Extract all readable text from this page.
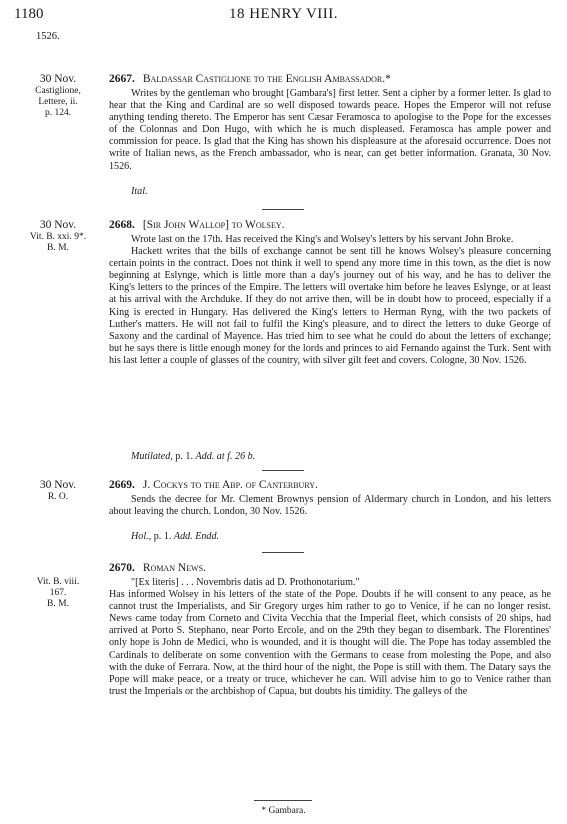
1180	18 HENRY VIII.
1526.
30 Nov.
Castiglione,
Lettere, ii.
p. 124.
2667. Baldassar Castiglione to the English Ambassador.*

Writes by the gentleman who brought [Gambara's] first letter. Sent a cipher by a former letter. Is glad to hear that the King and Cardinal are so well disposed towards peace. Hopes the Emperor will not refuse anything tending thereto. The Emperor has sent Cæsar Feramosca to apologise to the Pope for the excesses of the Colonnas and Don Hugo, with which he is much displeased. Feramosca has ample power and commission for peace. Is glad that the King has shown his displeasure at the aforesaid occurrence. Does not write of Italian news, as the French ambassador, who is near, can get better information. Granata, 30 Nov. 1526.

Ital.
30 Nov.
Vit. B. xxi. 9*.
B. M.
2668. [Sir John Wallop] to Wolsey.

Wrote last on the 17th. Has received the King's and Wolsey's letters by his servant John Broke.

Hackett writes that the bills of exchange cannot be sent till he knows Wolsey's pleasure concerning certain points in the contract. Does not think it well to spend any more time in this town, as the diet is now beginning at Eslynge, which is little more than a day's journey out of his way, and he has to deliver the King's letters to the princes of the Empire. The letters will overtake him before he leaves Eslynge, or at least at his arrival with the Archduke. If they do not arrive then, will be in doubt how to proceed, especially if a King is erected in Hungary. Has delivered the King's letters to Herman Ryng, with the two packets of Luther's matters. He will not fail to fulfil the King's pleasure, and to direct the letters to duke George of Saxony and the cardinal of Mayence. Has tried him to see what he could do about the letters of exchange; but he says there is little enough money for the lords and princes to aid Fernando against the Turk. Sent with his last letter a couple of glasses of the country, with silver gilt feet and covers. Cologne, 30 Nov. 1526.

Mutilated, p. 1. Add. at f. 26 b.
30 Nov.
R. O.
2669. J. Cockys to the Abp. of Canterbury.

Sends the decree for Mr. Clement Brownys pension of Aldermary church in London, and his letters about leaving the church. London, 30 Nov. 1526.

Hol., p. 1. Add. Endd.
Vit. B. viii.
167.
B. M.
2670. Roman News.

"[Ex literis] . . . Novembris datis ad D. Prothonotarium."

Has informed Wolsey in his letters of the state of the Pope. Doubts if he will consent to any peace, as he cannot trust the Imperialists, and Sir Gregory urges him rather to go to Venice, if he can no longer resist. News came today from Corneto and Civita Vecchia that the Imperial fleet, which consists of 20 ships, had arrived at Porto S. Stephano, near Porto Ercole, and on the 29th they began to disembark. The Florentines' only hope is John de Medici, who is wounded, and it is thought will die. The Pope has today assembled the Cardinals to deliberate on some convention with the Germans to cease from molesting the Pope, and also with the duke of Ferrara. Now, at the third hour of the night, the Pope is still with them. The Datary says the Pope will make peace, or a treaty or truce, whichever he can. Will advise him to go to Venice rather than trust the Imperials or the archbishop of Capua, but doubts his timidity. The galleys of the

* Gambara.
